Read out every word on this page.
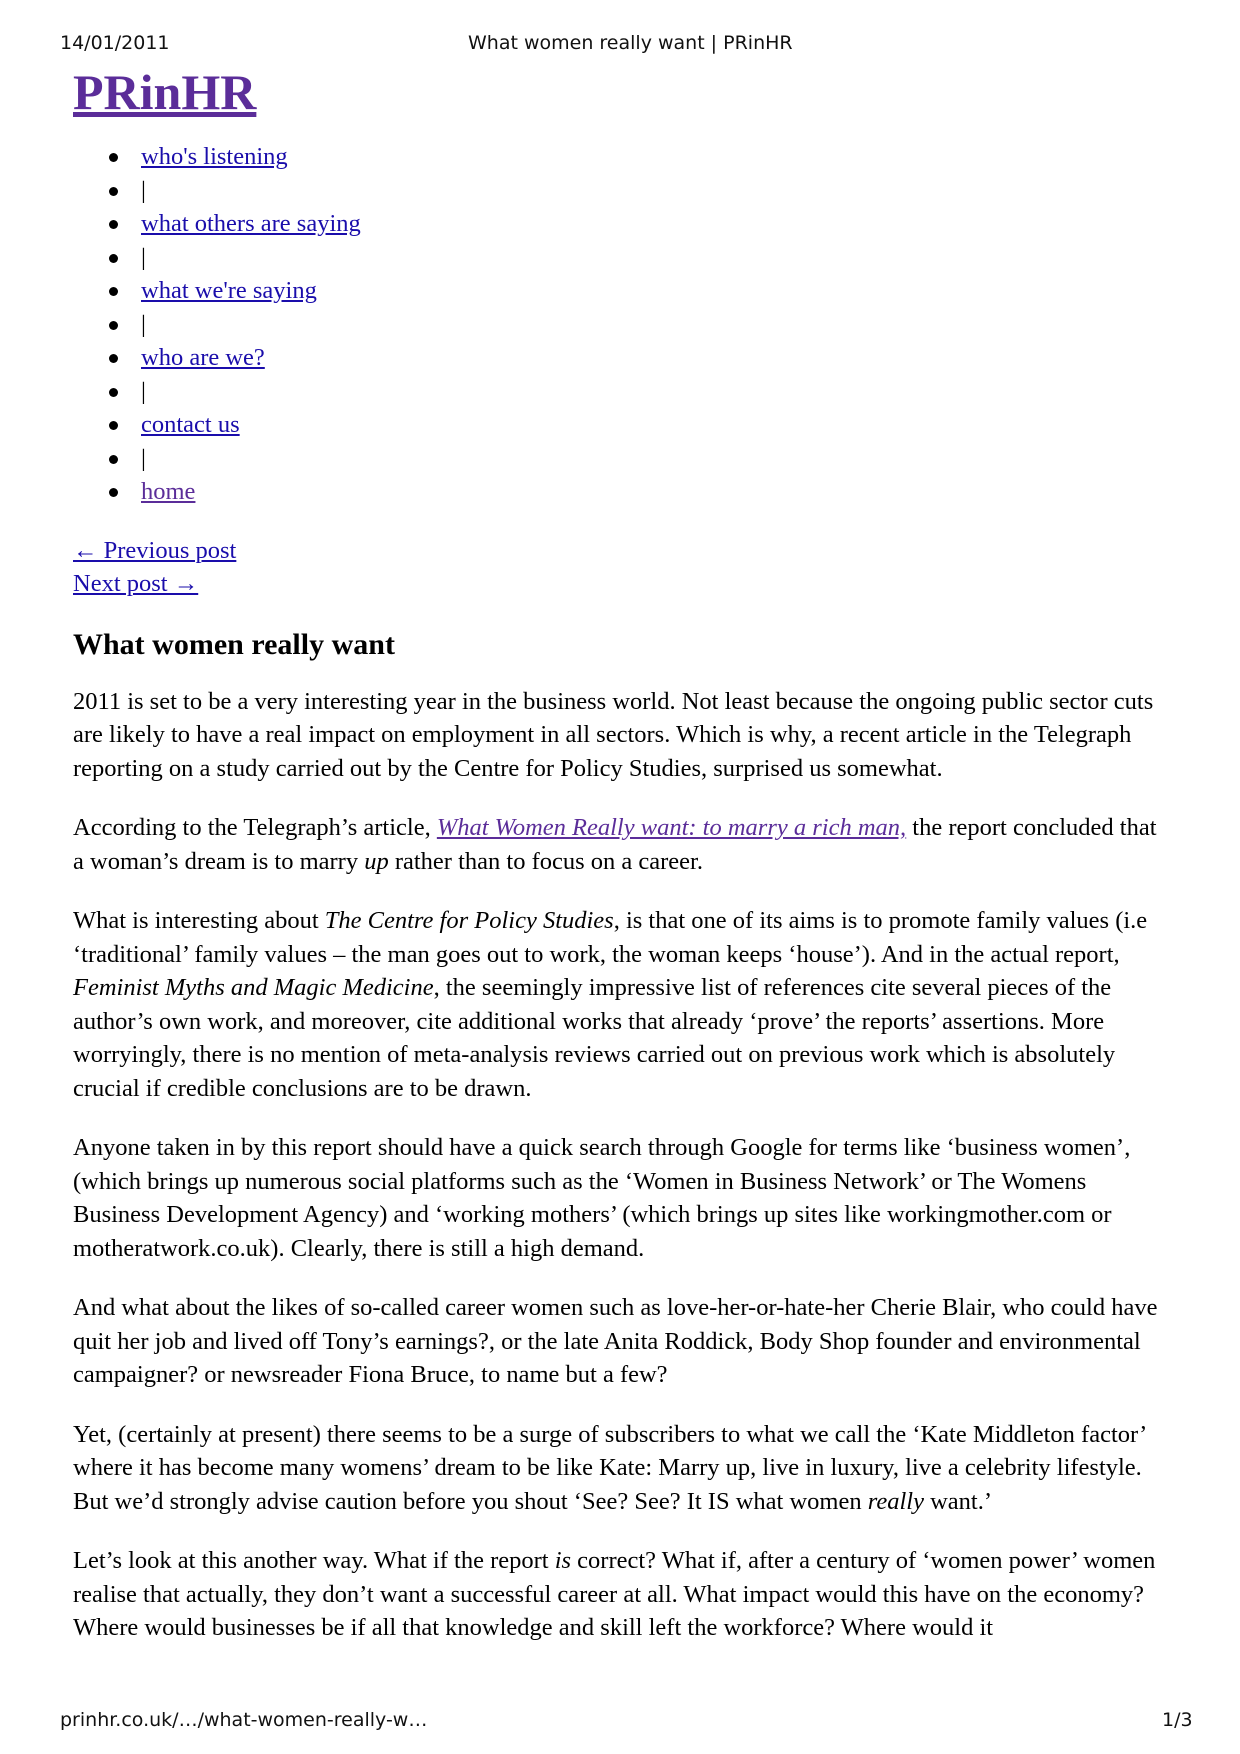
14/01/2011	What women really want | PRinHR
PRinHR
who's listening
|
what others are saying
|
what we're saying
|
who are we?
|
contact us
|
home
← Previous post
Next post →
What women really want

2011 is set to be a very interesting year in the business world. Not least because the ongoing public sector cuts are likely to have a real impact on employment in all sectors. Which is why, a recent article in the Telegraph reporting on a study carried out by the Centre for Policy Studies, surprised us somewhat.

According to the Telegraph’s article, What Women Really want: to marry a rich man, the report concluded that a woman’s dream is to marry up rather than to focus on a career.

What is interesting about The Centre for Policy Studies, is that one of its aims is to promote family values (i.e ‘traditional’ family values – the man goes out to work, the woman keeps ‘house’). And in the actual report, Feminist Myths and Magic Medicine, the seemingly impressive list of references cite several pieces of the author’s own work, and moreover, cite additional works that already ‘prove’ the reports’ assertions. More worryingly, there is no mention of meta-analysis reviews carried out on previous work which is absolutely crucial if credible conclusions are to be drawn.

Anyone taken in by this report should have a quick search through Google for terms like ‘business women’, (which brings up numerous social platforms such as the ‘Women in Business Network’ or The Womens Business Development Agency) and ‘working mothers’ (which brings up sites like workingmother.com or motheratwork.co.uk). Clearly, there is still a high demand.

And what about the likes of so-called career women such as love-her-or-hate-her Cherie Blair, who could have quit her job and lived off Tony’s earnings?, or the late Anita Roddick, Body Shop founder and environmental campaigner? or newsreader Fiona Bruce, to name but a few?

Yet, (certainly at present) there seems to be a surge of subscribers to what we call the ‘Kate Middleton factor’ where it has become many womens’ dream to be like Kate: Marry up, live in luxury, live a celebrity lifestyle. But we’d strongly advise caution before you shout ‘See? See? It IS what women really want.’

Let’s look at this another way. What if the report is correct? What if, after a century of ‘women power’ women realise that actually, they don’t want a successful career at all. What impact would this have on the economy? Where would businesses be if all that knowledge and skill left the workforce? Where would it

prinhr.co.uk/…/what-women-really-w…	1/3
